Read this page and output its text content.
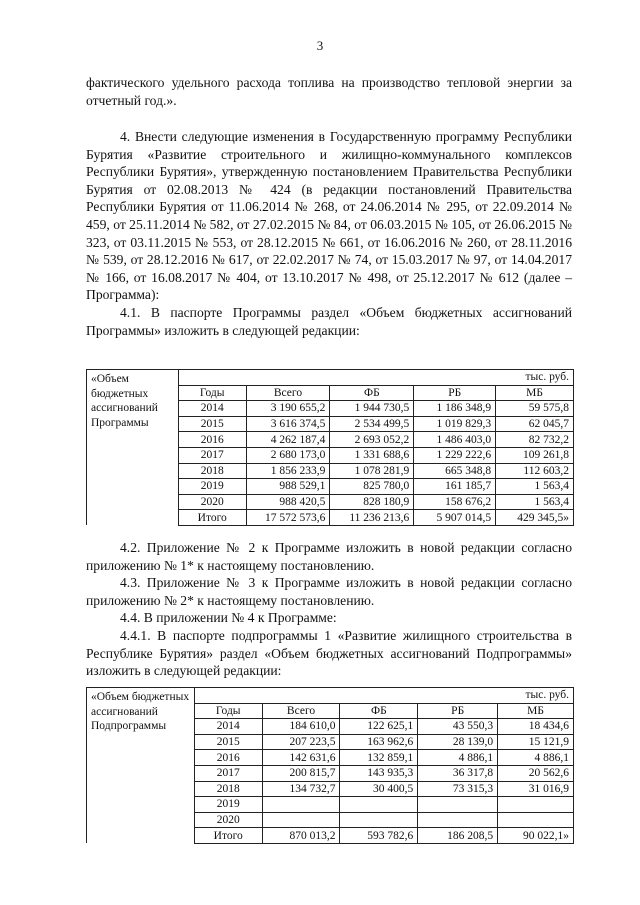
3

фактического удельного расхода топлива на производство тепловой энергии за отчетный год.».

4. Внести следующие изменения в Государственную программу Республики Бурятия «Развитие строительного и жилищно-коммунального комплексов Республики Бурятия», утвержденную постановлением Правительства Республики Бурятия от 02.08.2013 № 424 (в редакции постановлений Правительства Республики Бурятия от 11.06.2014 № 268, от 24.06.2014 № 295, от 22.09.2014 № 459, от 25.11.2014 № 582, от 27.02.2015 № 84, от 06.03.2015 № 105, от 26.06.2015 № 323, от 03.11.2015 № 553, от 28.12.2015 № 661, от 16.06.2016 № 260, от 28.11.2016 № 539, от 28.12.2016 № 617, от 22.02.2017 № 74, от 15.03.2017 № 97, от 14.04.2017 № 166, от 16.08.2017 № 404, от 13.10.2017 № 498, от 25.12.2017 № 612 (далее – Программа):

4.1. В паспорте Программы раздел «Объем бюджетных ассигнований Программы» изложить в следующей редакции:

«Объем бюджетных ассигнований Программы	тыс. руб.				
	Годы	Всего	ФБ	РБ	МБ
	2014	3 190 655,2	1 944 730,5	1 186 348,9	59 575,8
	2015	3 616 374,5	2 534 499,5	1 019 829,3	62 045,7
	2016	4 262 187,4	2 693 052,2	1 486 403,0	82 732,2
	2017	2 680 173,0	1 331 688,6	1 229 222,6	109 261,8
	2018	1 856 233,9	1 078 281,9	665 348,8	112 603,2
	2019	988 529,1	825 780,0	161 185,7	1 563,4
	2020	988 420,5	828 180,9	158 676,2	1 563,4
	Итого	17 572 573,6	11 236 213,6	5 907 014,5	429 345,5»

4.2. Приложение № 2 к Программе изложить в новой редакции согласно приложению № 1* к настоящему постановлению.

4.3. Приложение № 3 к Программе изложить в новой редакции согласно приложению № 2* к настоящему постановлению.

4.4. В приложении № 4 к Программе:

4.4.1. В паспорте подпрограммы 1 «Развитие жилищного строительства в Республике Бурятия» раздел «Объем бюджетных ассигнований Подпрограммы» изложить в следующей редакции:

«Объем бюджетных ассигнований Подпрограммы	тыс. руб.				
	Годы	Всего	ФБ	РБ	МБ
	2014	184 610,0	122 625,1	43 550,3	18 434,6
	2015	207 223,5	163 962,6	28 139,0	15 121,9
	2016	142 631,6	132 859,1	4 886,1	4 886,1
	2017	200 815,7	143 935,3	36 317,8	20 562,6
	2018	134 732,7	30 400,5	73 315,3	31 016,9
	2019				
	2020				
	Итого	870 013,2	593 782,6	186 208,5	90 022,1»
